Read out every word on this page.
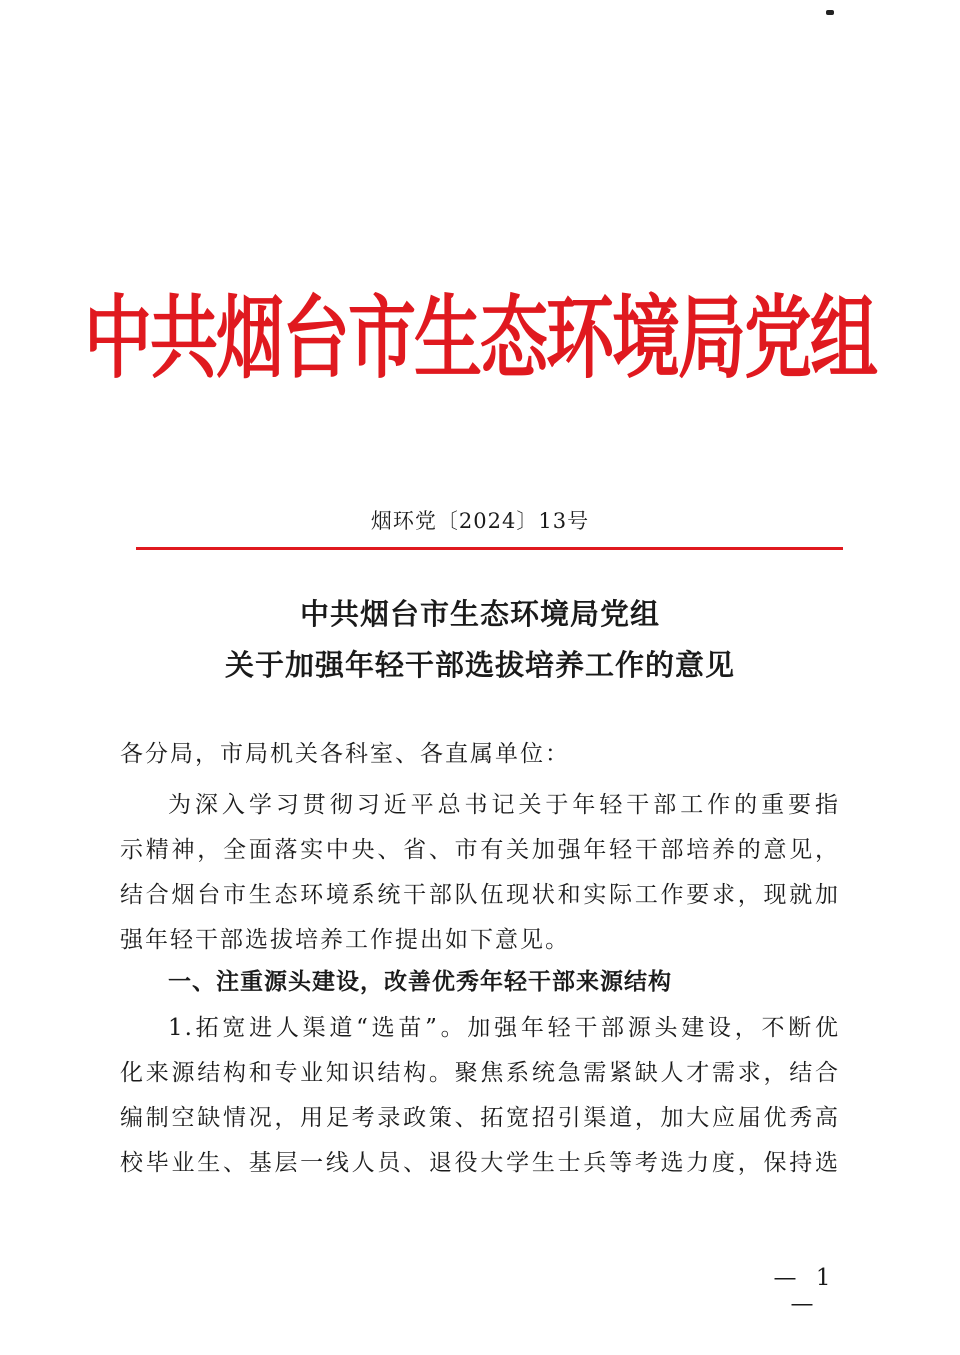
中共烟台市生态环境局党组
烟环党〔2024〕13号
中共烟台市生态环境局党组
关于加强年轻干部选拔培养工作的意见
各分局，市局机关各科室、各直属单位：
为深入学习贯彻习近平总书记关于年轻干部工作的重要指
示精神，全面落实中央、省、市有关加强年轻干部培养的意见，
结合烟台市生态环境系统干部队伍现状和实际工作要求，现就加
强年轻干部选拔培养工作提出如下意见。
一、注重源头建设，改善优秀年轻干部来源结构
1.拓宽进人渠道“选苗”。加强年轻干部源头建设，不断优
化来源结构和专业知识结构。聚焦系统急需紧缺人才需求，结合
编制空缺情况，用足考录政策、拓宽招引渠道，加大应届优秀高
校毕业生、基层一线人员、退役大学生士兵等考选力度，保持选
— 1 —
